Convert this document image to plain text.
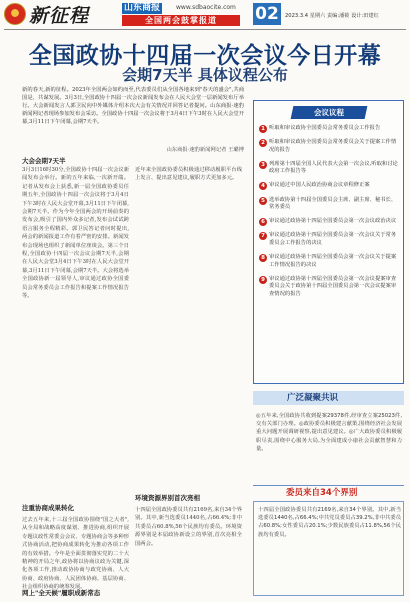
新征程	山东商报	www.sdbaocite.com
全国两会鼓掌报道	02	2023.3.4 星期六 责编:潘筱 设计:田建红
全国政协十四届一次会议今日开幕
会期7天半 具体议程公布

新的春天,新的征程。2023年全国两会如约而至,代表委员们从全国各地来到"春天的盛会",共商国是、共谋发展。3月3日,全国政协十四届一次会议新闻发布会在人民大会堂一层新闻发布厅举行。大会新闻发言人郭卫民向中外媒体介绍本次大会有关情况并回答记者提问。山东商报·速豹新闻网记者现场参加发布会采访。全国政协十四届一次会议将于3月4日下午3时在人民大会堂开幕,3月11日下午闭幕,会期7天半。

山东商报·速豹新闻网记者 王璐博
大会会期7天半

3月3日16时30分,全国政协十四届一次会议新闻发布会举行。新的五年来临,一次新开端。记者从发布会上获悉,新一届全国政协委员任期五年,全国政协十四届一次会议将于3月4日下午3时在人民大会堂开幕,3月11日下午闭幕,会期7天半。作为今年全国两会的开场前奏的发布会,吸引了国内外众多记者,发布会试试跨语言服务全程精彩。郭卫民答记者问时提出,两会的新闻报道工作有着严密的安排。新闻发布会现场也组织了新闻单位座谈会。第三个日程,全国政协十四届一次会议会期7天半,会期在人民大会堂3月4日下午3时在人民大会堂开幕,3月11日下午闭幕,会期7天半。大会将选举全国政协新一届领导人,审议通过政协全国委员会常务委员会工作报告和提案工作情况报告等。

注重协商成果转化

过去五年来,十三届全国政协围绕"国之大者",从全局和战略高度谋划、推进协商,组织开展专题议政性常委会会议、专题协商会等多种形式协商活动,把协商成果转化为推动各项工作的有效举措。今年是全面贯彻落实党的二十大精神的开局之年,政协将以协商议政为关键,深化各项工作,推动政协协商与政党协商、人大协商、政府协商、人民团体协商、基层协商、社会组织协商的统筹发展。

网上"全天候"履职成新常态

近年来全国政协委员积极通过移动履职平台线上发言、提出意见建议,履职方式更加多元。

环境资源界别首次亮相

十四届全国政协委员共有2169名,来自34个界别。其中,新当选委员1440名,占66.4%;非中共委员占60.8%,56个民族均有委员。环境资源界别是本届政协新设立的界别,首次亮相全国两会。

会议议程
1 听取和审议政协全国委员会常务委员会工作报告
2 听取和审议政协全国委员会常务委员会关于提案工作情况的报告
3 列席第十四届全国人民代表大会第一次会议,听取和讨论政府工作报告等
4 审议通过中国人民政治协商会议章程修正案
5 选举政协第十四届全国委员会主席、副主席、秘书长、常务委员
6 审议通过政协第十四届全国委员会第一次会议政治决议
7 审议通过政协第十四届全国委员会第一次会议关于常务委员会工作报告的决议
8 审议通过政协第十四届全国委员会第一次会议关于提案工作情况报告的决议
9 审议通过政协第十四届全国委员会第一次会议提案审查委员会关于政协第十四届全国委员会第一次会议提案审查情况的报告
广泛凝聚共识

◎五年来,全国政协共收到提案29378件,经审查立案25023件,交有关部门办理。◎政协委员积极建言献策,围绕经济社会发展重大问题开展调研视察,提出意见建议。◎广大政协委员积极履职尽责,围绕中心服务大局,为全面建成小康社会贡献智慧和力量。

委员来自34个界别

十四届全国政协委员共有2169名,来自34个界别。其中,新当选委员1440名,占66.4%;中共党员委员占39.2%,非中共委员占60.8%;女性委员占20.1%;少数民族委员占11.8%,56个民族均有委员。
